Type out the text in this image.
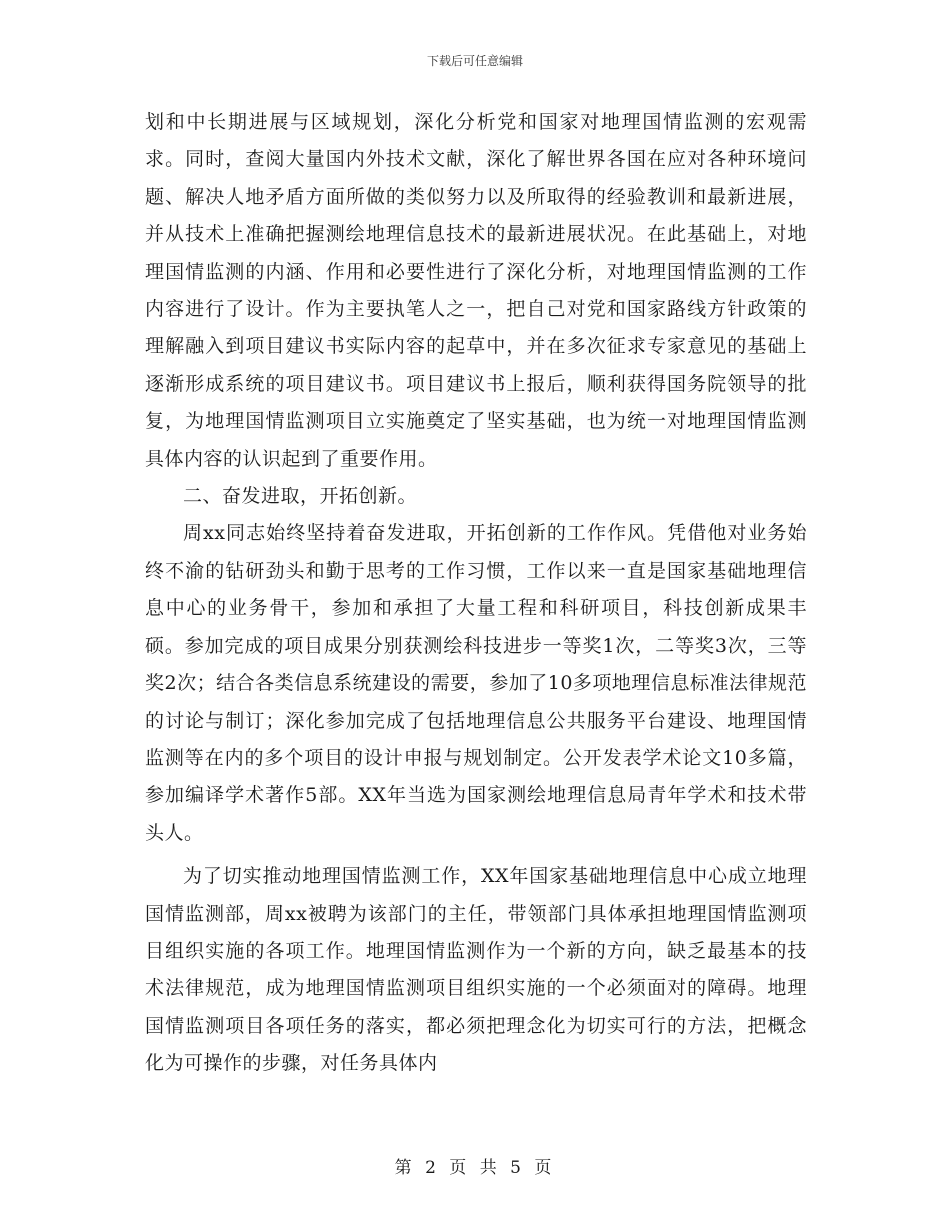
下载后可任意编辑

划和中长期进展与区域规划，深化分析党和国家对地理国情监测的宏观需求。同时，查阅大量国内外技术文献，深化了解世界各国在应对各种环境问题、解决人地矛盾方面所做的类似努力以及所取得的经验教训和最新进展，并从技术上准确把握测绘地理信息技术的最新进展状况。在此基础上，对地理国情监测的内涵、作用和必要性进行了深化分析，对地理国情监测的工作内容进行了设计。作为主要执笔人之一，把自己对党和国家路线方针政策的理解融入到项目建议书实际内容的起草中，并在多次征求专家意见的基础上逐渐形成系统的项目建议书。项目建议书上报后，顺利获得国务院领导的批复，为地理国情监测项目立实施奠定了坚实基础，也为统一对地理国情监测具体内容的认识起到了重要作用。

二、奋发进取，开拓创新。

周xx同志始终坚持着奋发进取，开拓创新的工作作风。凭借他对业务始终不渝的钻研劲头和勤于思考的工作习惯，工作以来一直是国家基础地理信息中心的业务骨干，参加和承担了大量工程和科研项目，科技创新成果丰硕。参加完成的项目成果分别获测绘科技进步一等奖1次，二等奖3次，三等奖2次；结合各类信息系统建设的需要，参加了10多项地理信息标准法律规范的讨论与制订；深化参加完成了包括地理信息公共服务平台建设、地理国情监测等在内的多个项目的设计申报与规划制定。公开发表学术论文10多篇，参加编译学术著作5部。XX年当选为国家测绘地理信息局青年学术和技术带头人。

为了切实推动地理国情监测工作，XX年国家基础地理信息中心成立地理国情监测部，周xx被聘为该部门的主任，带领部门具体承担地理国情监测项目组织实施的各项工作。地理国情监测作为一个新的方向，缺乏最基本的技术法律规范，成为地理国情监测项目组织实施的一个必须面对的障碍。地理国情监测项目各项任务的落实，都必须把理念化为切实可行的方法，把概念化为可操作的步骤，对任务具体内

第 2 页 共 5 页
